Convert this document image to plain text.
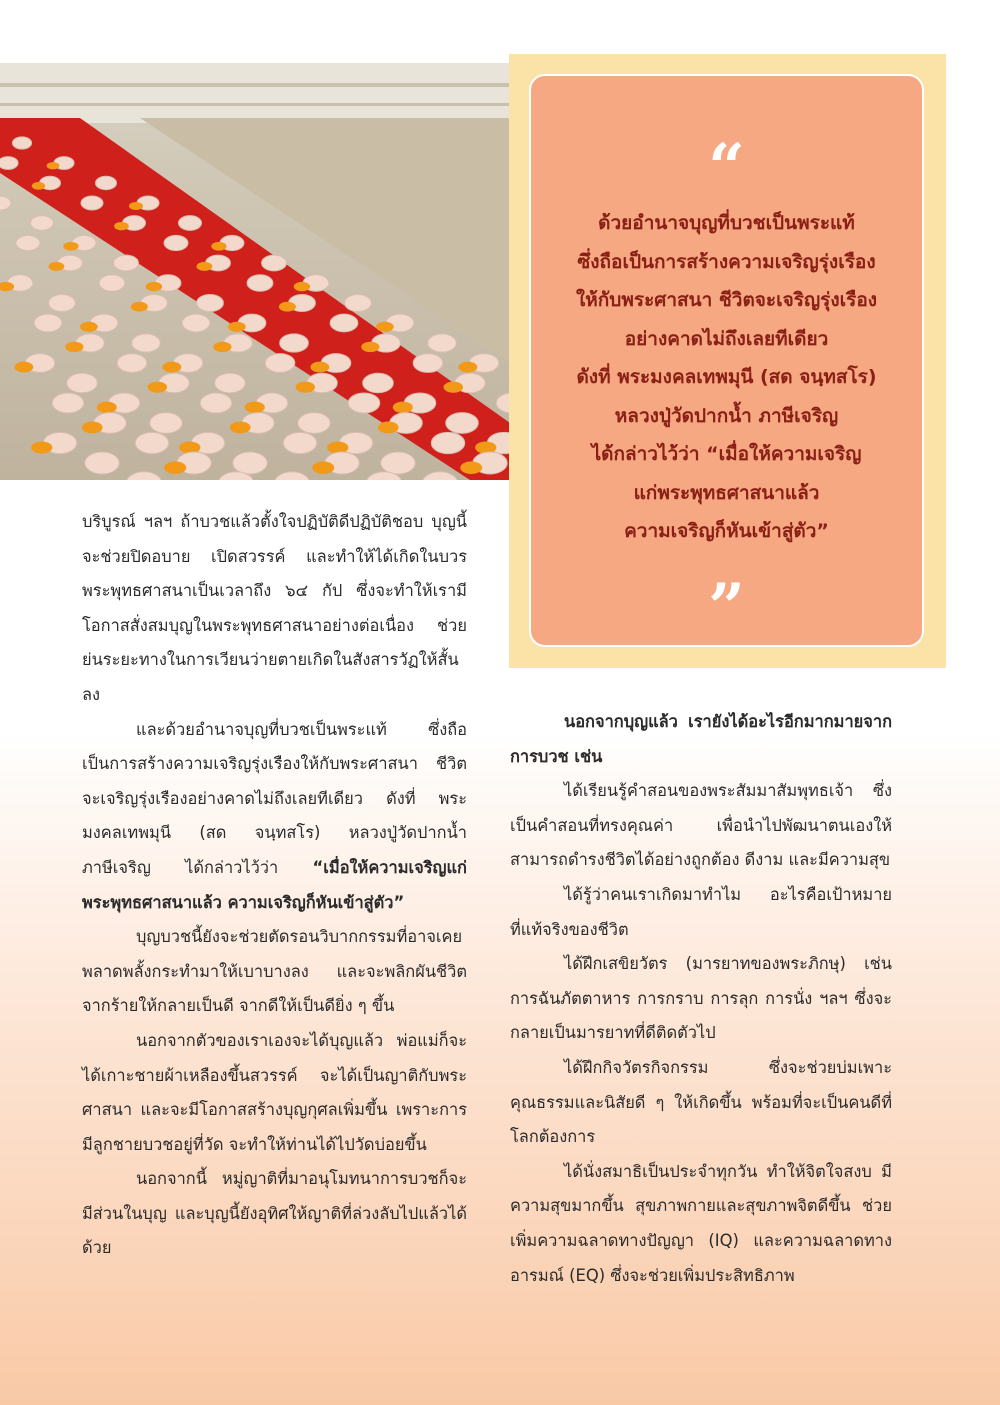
“
ด้วยอำนาจบุญที่บวชเป็นพระแท้
ซึ่งถือเป็นการสร้างความเจริญรุ่งเรือง
ให้กับพระศาสนา ชีวิตจะเจริญรุ่งเรือง
อย่างคาดไม่ถึงเลยทีเดียว
ดังที่ พระมงคลเทพมุนี (สด จนฺทสโร)
หลวงปู่วัดปากน้ำ ภาษีเจริญ
ได้กล่าวไว้ว่า “เมื่อให้ความเจริญ
แก่พระพุทธศาสนาแล้ว
ความเจริญก็หันเข้าสู่ตัว”
”

บริบูรณ์ ฯลฯ ถ้าบวชแล้วตั้งใจปฏิบัติดีปฏิบัติชอบ บุญนี้จะช่วยปิดอบาย เปิดสวรรค์ และทำให้ได้เกิดในบวรพระพุทธศาสนาเป็นเวลาถึง ๖๔ กัป ซึ่งจะทำให้เรามีโอกาสสั่งสมบุญในพระพุทธศาสนาอย่างต่อเนื่อง ช่วยย่นระยะทางในการเวียนว่ายตายเกิดในสังสารวัฏให้สั้นลง

และด้วยอำนาจบุญที่บวชเป็นพระแท้ ซึ่งถือเป็นการสร้างความเจริญรุ่งเรืองให้กับพระศาสนา ชีวิตจะเจริญรุ่งเรืองอย่างคาดไม่ถึงเลยทีเดียว ดังที่ พระมงคลเทพมุนี (สด จนฺทสโร) หลวงปู่วัดปากน้ำ ภาษีเจริญ ได้กล่าวไว้ว่า “เมื่อให้ความเจริญแก่พระพุทธศาสนาแล้ว ความเจริญก็หันเข้าสู่ตัว”

บุญบวชนี้ยังจะช่วยตัดรอนวิบากกรรมที่อาจเคยพลาดพลั้งกระทำมาให้เบาบางลง และจะพลิกผันชีวิตจากร้ายให้กลายเป็นดี จากดีให้เป็นดียิ่ง ๆ ขึ้น

นอกจากตัวของเราเองจะได้บุญแล้ว พ่อแม่ก็จะได้เกาะชายผ้าเหลืองขึ้นสวรรค์ จะได้เป็นญาติกับพระศาสนา และจะมีโอกาสสร้างบุญกุศลเพิ่มขึ้น เพราะการมีลูกชายบวชอยู่ที่วัด จะทำให้ท่านได้ไปวัดบ่อยขึ้น

นอกจากนี้ หมู่ญาติที่มาอนุโมทนาการบวชก็จะมีส่วนในบุญ และบุญนี้ยังอุทิศให้ญาติที่ล่วงลับไปแล้วได้ด้วย

นอกจากบุญแล้ว เรายังได้อะไรอีกมากมายจากการบวช เช่น

ได้เรียนรู้คำสอนของพระสัมมาสัมพุทธเจ้า ซึ่งเป็นคำสอนที่ทรงคุณค่า เพื่อนำไปพัฒนาตนเองให้สามารถดำรงชีวิตได้อย่างถูกต้อง ดีงาม และมีความสุข

ได้รู้ว่าคนเราเกิดมาทำไม อะไรคือเป้าหมายที่แท้จริงของชีวิต

ได้ฝึกเสขิยวัตร (มารยาทของพระภิกษุ) เช่น การฉันภัตตาหาร การกราบ การลุก การนั่ง ฯลฯ ซึ่งจะกลายเป็นมารยาทที่ดีติดตัวไป

ได้ฝึกกิจวัตรกิจกรรม ซึ่งจะช่วยบ่มเพาะคุณธรรมและนิสัยดี ๆ ให้เกิดขึ้น พร้อมที่จะเป็นคนดีที่โลกต้องการ

ได้นั่งสมาธิเป็นประจำทุกวัน ทำให้จิตใจสงบ มีความสุขมากขึ้น สุขภาพกายและสุขภาพจิตดีขึ้น ช่วยเพิ่มความฉลาดทางปัญญา (IQ) และความฉลาดทางอารมณ์ (EQ) ซึ่งจะช่วยเพิ่มประสิทธิภาพ
